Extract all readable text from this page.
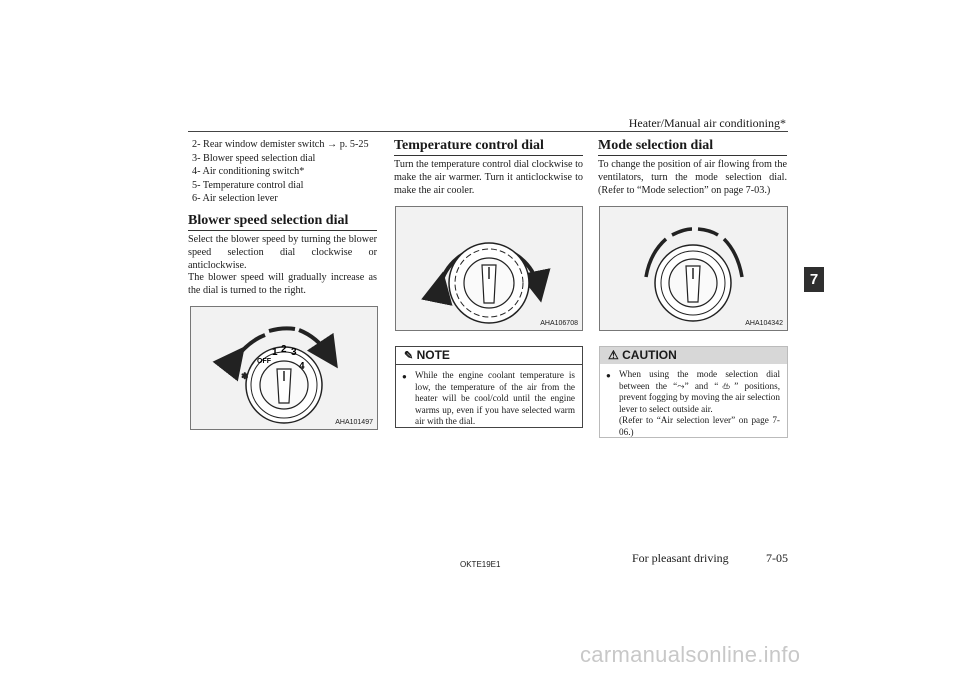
Heater/Manual air conditioning*
7
2- Rear window demister switch → p. 5-25
3- Blower speed selection dial
4- Air conditioning switch*
5- Temperature control dial
6- Air selection lever
Blower speed selection dial
Select the blower speed by turning the blower speed selection dial clockwise or anticlockwise.
The blower speed will gradually increase as the dial is turned to the right.
✽
OFF
1 2 3
4
AHA101497
Temperature control dial
Turn the temperature control dial clockwise to make the air warmer. Turn it anticlockwise to make the air cooler.
AHA106708
✎ NOTE
● While the engine coolant temperature is low, the temperature of the air from the heater will be cool/cold until the engine warms up, even if you have selected warm air with the dial.
Mode selection dial
To change the position of air flowing from the ventilators, turn the mode selection dial. (Refer to “Mode selection” on page 7-03.)
AHA104342
⚠ CAUTION
● When using the mode selection dial between the “⤳” and “♨” positions, prevent fogging by moving the air selection lever to select outside air.
(Refer to “Air selection lever” on page 7-06.)
OKTE19E1	For pleasant driving	7-05
carmanualsonline.info
